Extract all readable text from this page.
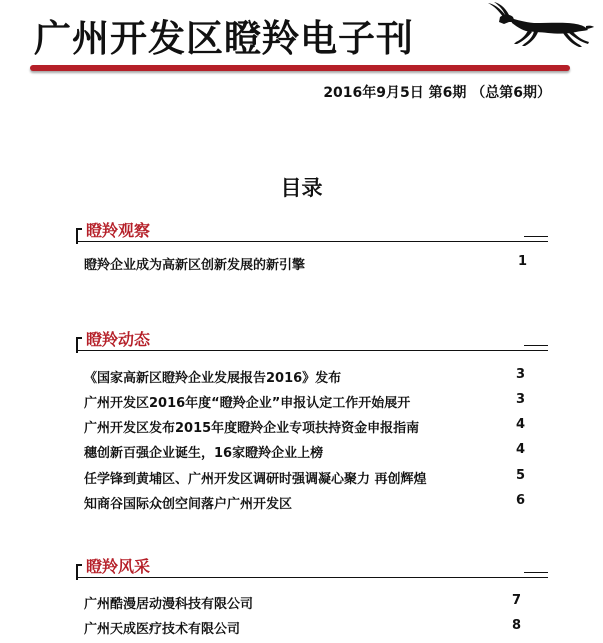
广州开发区瞪羚电子刊
2016年9月5日 第6期 （总第6期）
目录
瞪羚观察
瞪羚企业成为高新区创新发展的新引擎	1
瞪羚动态
《国家高新区瞪羚企业发展报告2016》发布	3
广州开发区2016年度“瞪羚企业”申报认定工作开始展开	3
广州开发区发布2015年度瞪羚企业专项扶持资金申报指南	4
穗创新百强企业诞生，16家瞪羚企业上榜	4
任学锋到黄埔区、广州开发区调研时强调凝心聚力 再创辉煌	5
知商谷国际众创空间落户广州开发区	6
瞪羚风采
广州酷漫居动漫科技有限公司	7
广州天成医疗技术有限公司	8
